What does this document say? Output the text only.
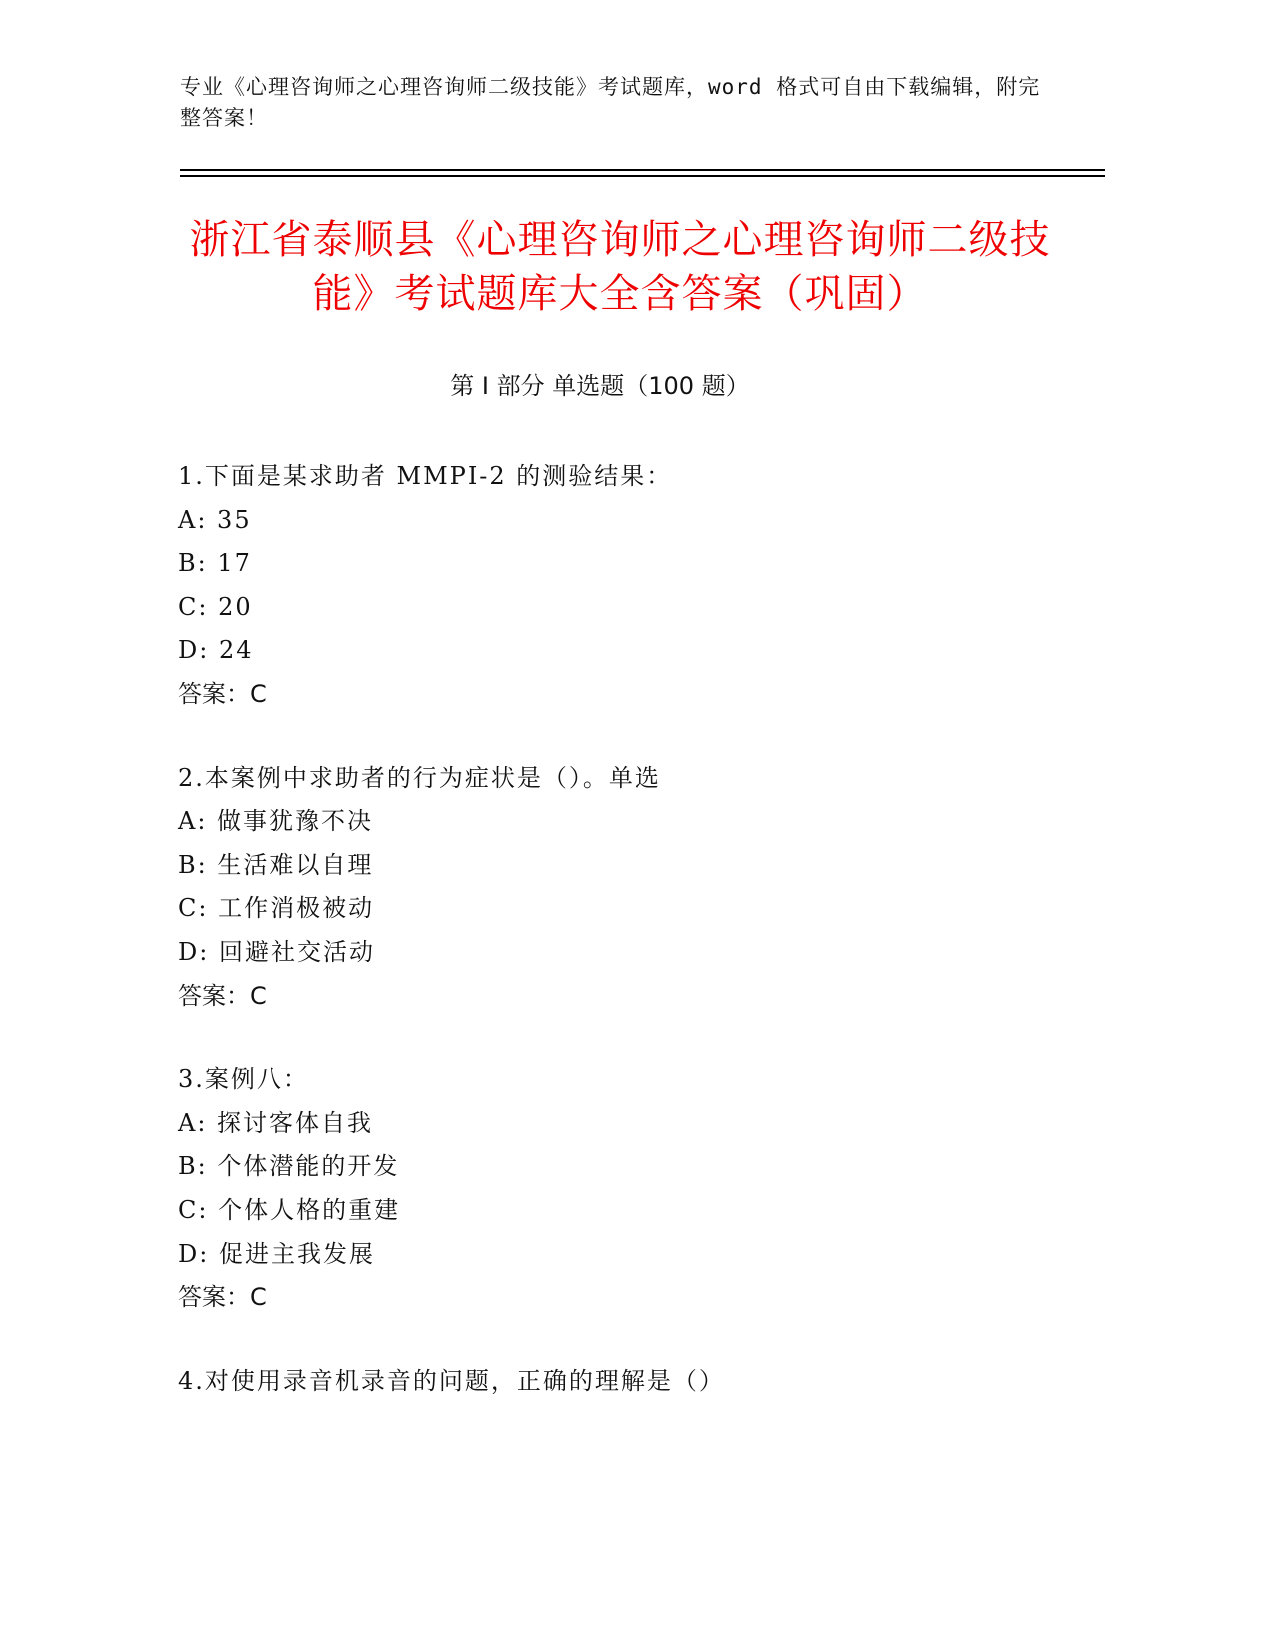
专业《心理咨询师之心理咨询师二级技能》考试题库，word 格式可自由下载编辑，附完整答案！
浙江省泰顺县《心理咨询师之心理咨询师二级技能》考试题库大全含答案（巩固）
第 I 部分 单选题（100 题）
1.下面是某求助者 MMPI-2 的测验结果：
A: 35
B: 17
C: 20
D: 24
答案：C
2.本案例中求助者的行为症状是（）。单选
A: 做事犹豫不决
B: 生活难以自理
C: 工作消极被动
D: 回避社交活动
答案：C
3.案例八：
A: 探讨客体自我
B: 个体潜能的开发
C: 个体人格的重建
D: 促进主我发展
答案：C
4.对使用录音机录音的问题，正确的理解是（）
